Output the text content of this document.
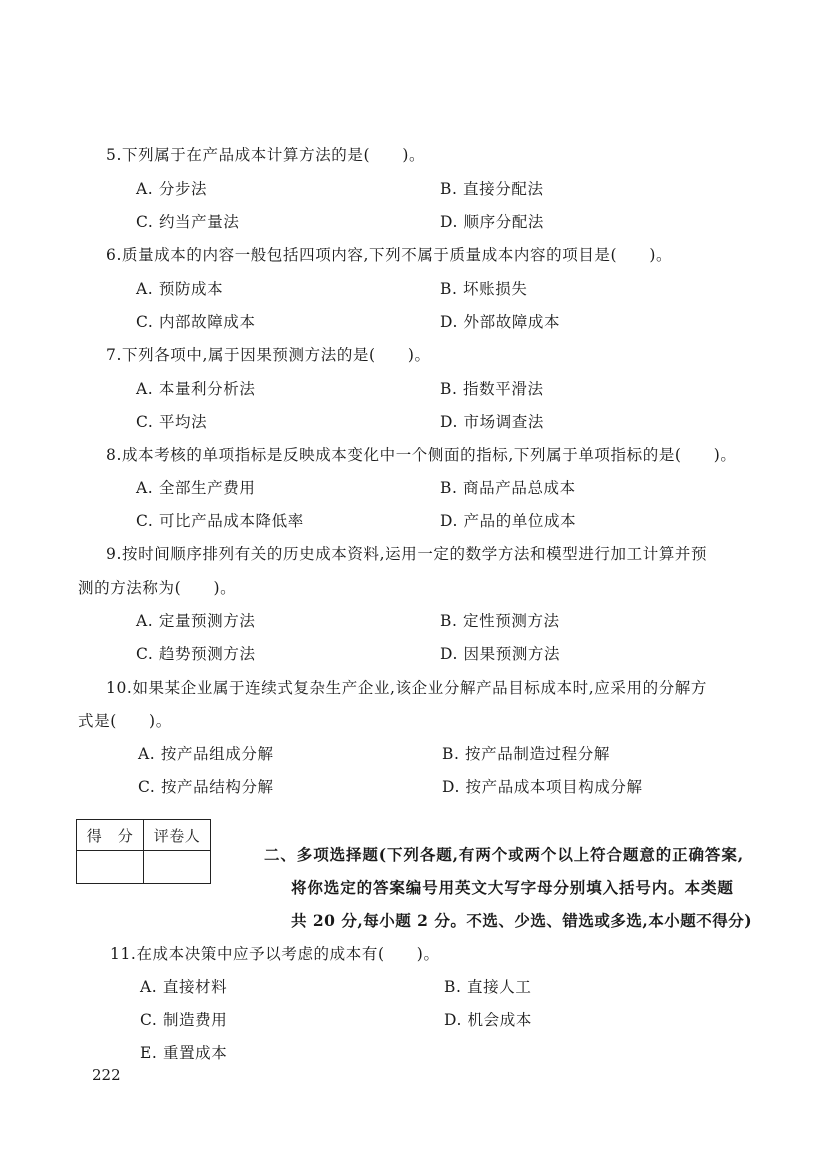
5.下列属于在产品成本计算方法的是(　　)。
A. 分步法	B. 直接分配法
C. 约当产量法	D. 顺序分配法
6.质量成本的内容一般包括四项内容,下列不属于质量成本内容的项目是(　　)。
A. 预防成本	B. 坏账损失
C. 内部故障成本	D. 外部故障成本
7.下列各项中,属于因果预测方法的是(　　)。
A. 本量利分析法	B. 指数平滑法
C. 平均法	D. 市场调查法
8.成本考核的单项指标是反映成本变化中一个侧面的指标,下列属于单项指标的是(　　)。
A. 全部生产费用	B. 商品产品总成本
C. 可比产品成本降低率	D. 产品的单位成本
9.按时间顺序排列有关的历史成本资料,运用一定的数学方法和模型进行加工计算并预
测的方法称为(　　)。
A. 定量预测方法	B. 定性预测方法
C. 趋势预测方法	D. 因果预测方法
10.如果某企业属于连续式复杂生产企业,该企业分解产品目标成本时,应采用的分解方
式是(　　)。
A. 按产品组成分解	B. 按产品制造过程分解
C. 按产品结构分解	D. 按产品成本项目构成分解
得　分	评卷人

二、多项选择题(下列各题,有两个或两个以上符合题意的正确答案,
将你选定的答案编号用英文大写字母分别填入括号内。本类题
共 20 分,每小题 2 分。不选、少选、错选或多选,本小题不得分)
11.在成本决策中应予以考虑的成本有(　　)。
A. 直接材料	B. 直接人工
C. 制造费用	D. 机会成本
E. 重置成本
222
